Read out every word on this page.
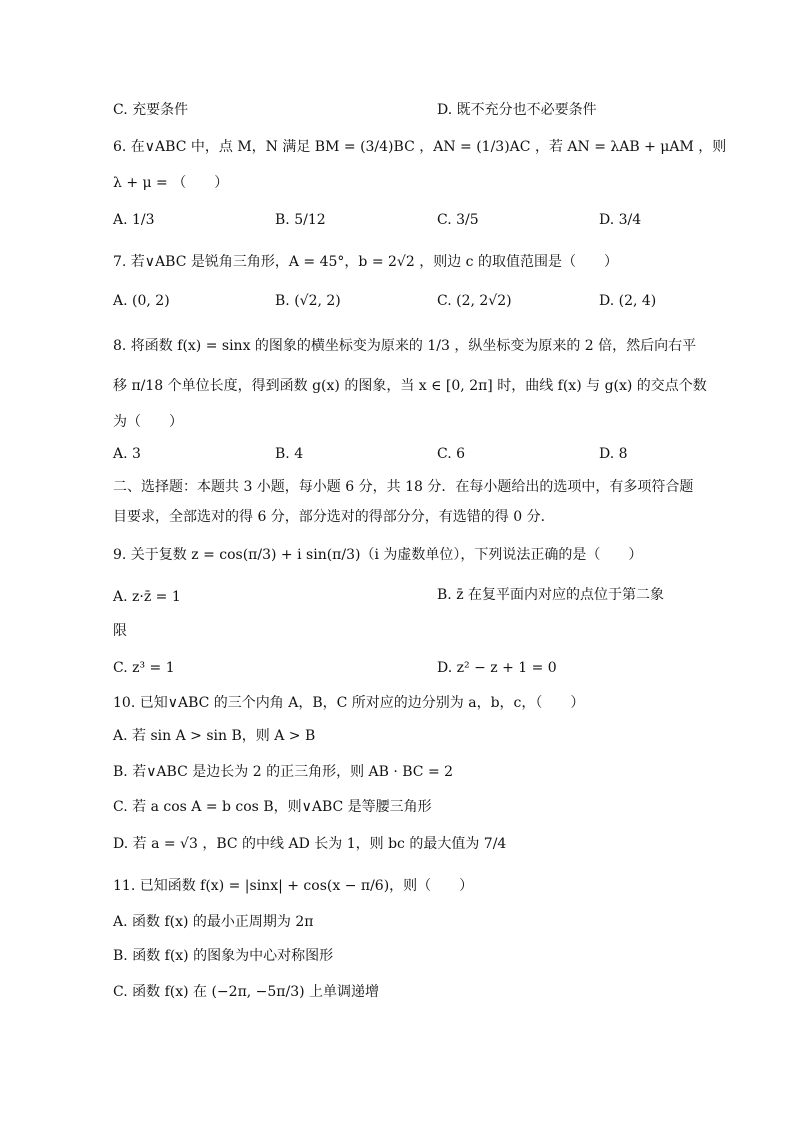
C. 充要条件	D. 既不充分也不必要条件
6. 在∨ABC 中，点 M，N 满足 BM = (3/4)BC ，AN = (1/3)AC ，若 AN = λAB + μAM ，则
λ + μ = （　　）
A. 1/3	B. 5/12	C. 3/5	D. 3/4
7. 若∨ABC 是锐角三角形，A = 45°，b = 2√2 ，则边 c 的取值范围是（　　）
A. (0, 2)	B. (√2, 2)	C. (2, 2√2)	D. (2, 4)
8. 将函数 f(x) = sinx 的图象的横坐标变为原来的 1/3 ，纵坐标变为原来的 2 倍，然后向右平
移 π/18 个单位长度，得到函数 g(x) 的图象，当 x ∈ [0, 2π] 时，曲线 f(x) 与 g(x) 的交点个数
为（　　）
A. 3	B. 4	C. 6	D. 8
二、选择题：本题共 3 小题，每小题 6 分，共 18 分．在每小题给出的选项中，有多项符合题
目要求，全部选对的得 6 分，部分选对的得部分分，有选错的得 0 分．
9. 关于复数 z = cos(π/3) + i sin(π/3)（i 为虚数单位），下列说法正确的是（　　）
A. z·z̄ = 1	B. z̄ 在复平面内对应的点位于第二象
限
C. z³ = 1	D. z² − z + 1 = 0
10. 已知∨ABC 的三个内角 A，B，C 所对应的边分别为 a，b，c，（　　）
A. 若 sin A > sin B，则 A > B
B. 若∨ABC 是边长为 2 的正三角形，则 AB · BC = 2
C. 若 a cos A = b cos B，则∨ABC 是等腰三角形
D. 若 a = √3 ，BC 的中线 AD 长为 1，则 bc 的最大值为 7/4
11. 已知函数 f(x) = |sinx| + cos(x − π/6)，则（　　）
A. 函数 f(x) 的最小正周期为 2π
B. 函数 f(x) 的图象为中心对称图形
C. 函数 f(x) 在 (−2π, −5π/3) 上单调递增
